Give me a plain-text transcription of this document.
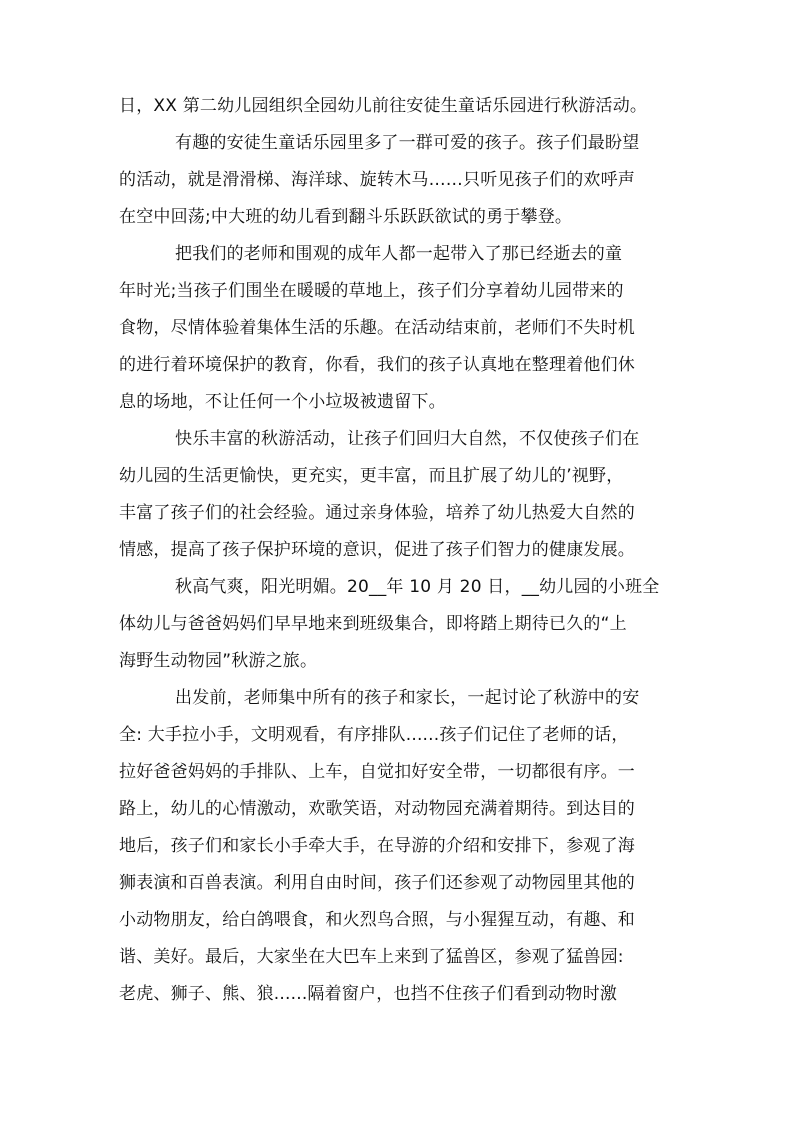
日，XX 第二幼儿园组织全园幼儿前往安徒生童话乐园进行秋游活动。
有趣的安徒生童话乐园里多了一群可爱的孩子。孩子们最盼望
的活动，就是滑滑梯、海洋球、旋转木马……只听见孩子们的欢呼声
在空中回荡;中大班的幼儿看到翻斗乐跃跃欲试的勇于攀登。
把我们的老师和围观的成年人都一起带入了那已经逝去的童
年时光;当孩子们围坐在暖暖的草地上，孩子们分享着幼儿园带来的
食物，尽情体验着集体生活的乐趣。在活动结束前，老师们不失时机
的进行着环境保护的教育，你看，我们的孩子认真地在整理着他们休
息的场地，不让任何一个小垃圾被遗留下。
快乐丰富的秋游活动，让孩子们回归大自然，不仅使孩子们在
幼儿园的生活更愉快，更充实，更丰富，而且扩展了幼儿的’视野，
丰富了孩子们的社会经验。通过亲身体验，培养了幼儿热爱大自然的
情感，提高了孩子保护环境的意识，促进了孩子们智力的健康发展。
秋高气爽，阳光明媚。20__年 10 月 20 日，__幼儿园的小班全
体幼儿与爸爸妈妈们早早地来到班级集合，即将踏上期待已久的“上
海野生动物园”秋游之旅。
出发前，老师集中所有的孩子和家长，一起讨论了秋游中的安
全: 大手拉小手，文明观看，有序排队......孩子们记住了老师的话，
拉好爸爸妈妈的手排队、上车，自觉扣好安全带，一切都很有序。一
路上，幼儿的心情激动，欢歌笑语，对动物园充满着期待。到达目的
地后，孩子们和家长小手牵大手，在导游的介绍和安排下，参观了海
狮表演和百兽表演。利用自由时间，孩子们还参观了动物园里其他的
小动物朋友，给白鸽喂食，和火烈鸟合照，与小猩猩互动，有趣、和
谐、美好。最后，大家坐在大巴车上来到了猛兽区，参观了猛兽园:
老虎、狮子、熊、狼......隔着窗户，也挡不住孩子们看到动物时激
